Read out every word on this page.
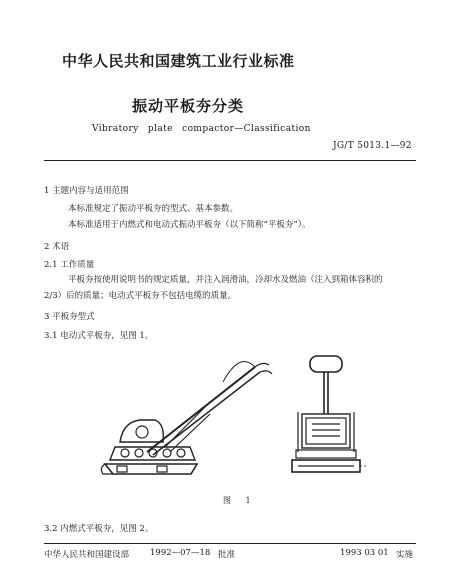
中华人民共和国建筑工业行业标准
振动平板夯分类
Vibratory plate compactor—Classification
JG/T 5013.1—92
1 主题内容与适用范围
本标准规定了振动平板夯的型式、基本参数。
本标准适用于内燃式和电动式振动平板夯（以下简称“平板夯”）。
2 术语
2.1 工作质量
平板夯按使用说明书的规定质量，并注入润滑油，冷却水及燃油（注入到箱体容积的
2/3）后的质量；电动式平板夯不包括电缆的质量。
3 平板夯型式
3.1 电动式平板夯，见图 1。
图 1
3.2 内燃式平板夯，见图 2。
中华人民共和国建设部 1992—07—18 批准	1993 03 01 实施
